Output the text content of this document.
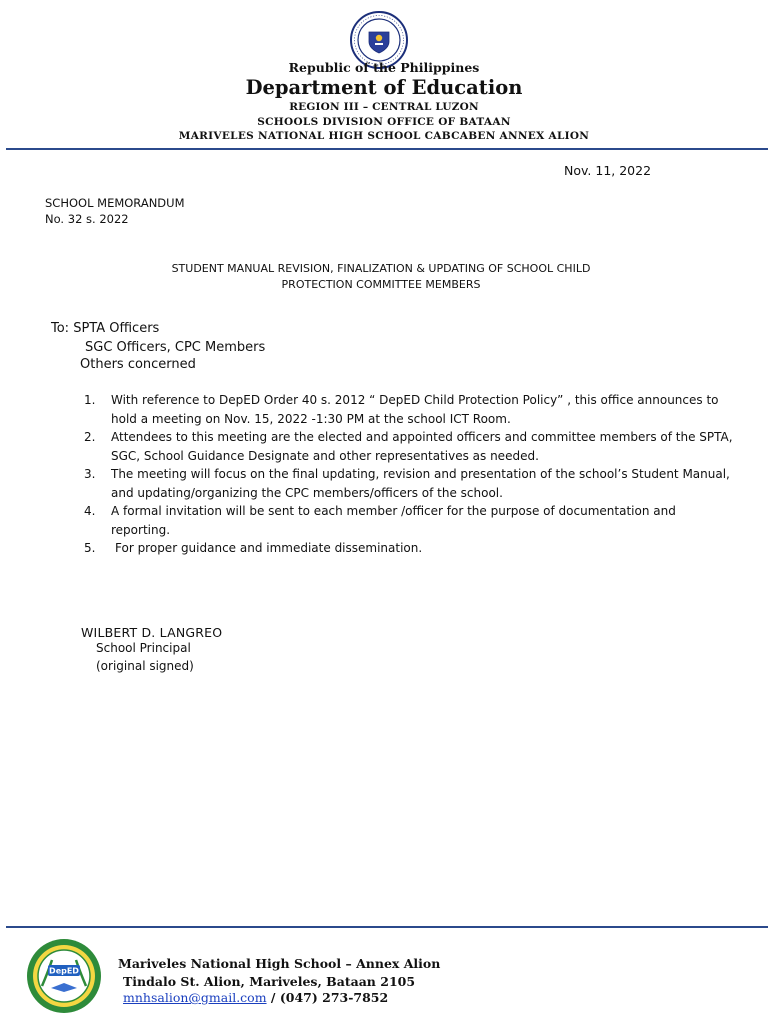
Republic of the Philippines
Department of Education
REGION III – CENTRAL LUZON
SCHOOLS DIVISION OFFICE OF BATAAN
MARIVELES NATIONAL HIGH SCHOOL CABCABEN ANNEX ALION
Nov. 11, 2022
SCHOOL MEMORANDUM
No. 32 s. 2022
STUDENT MANUAL REVISION, FINALIZATION & UPDATING OF SCHOOL CHILD
PROTECTION COMMITTEE MEMBERS
To: SPTA Officers
SGC Officers, CPC Members
Others concerned
1.	With reference to DepED Order 40 s. 2012 “ DepED Child Protection Policy” , this office announces to hold a meeting on Nov. 15, 2022 -1:30 PM at the school ICT Room.
2.	Attendees to this meeting are the elected and appointed officers and committee members of the SPTA, SGC, School Guidance Designate and other representatives as needed.
3.	The meeting will focus on the final updating, revision and presentation of the school’s Student Manual, and updating/organizing the CPC members/officers of the school.
4.	A formal invitation will be sent to each member /officer for the purpose of documentation and reporting.
5.	For proper guidance and immediate dissemination.
WILBERT D. LANGREO
School Principal
(original signed)
DepED	Mariveles National High School – Annex Alion
Tindalo St. Alion, Mariveles, Bataan 2105
mnhsalion@gmail.com / (047) 273-7852
